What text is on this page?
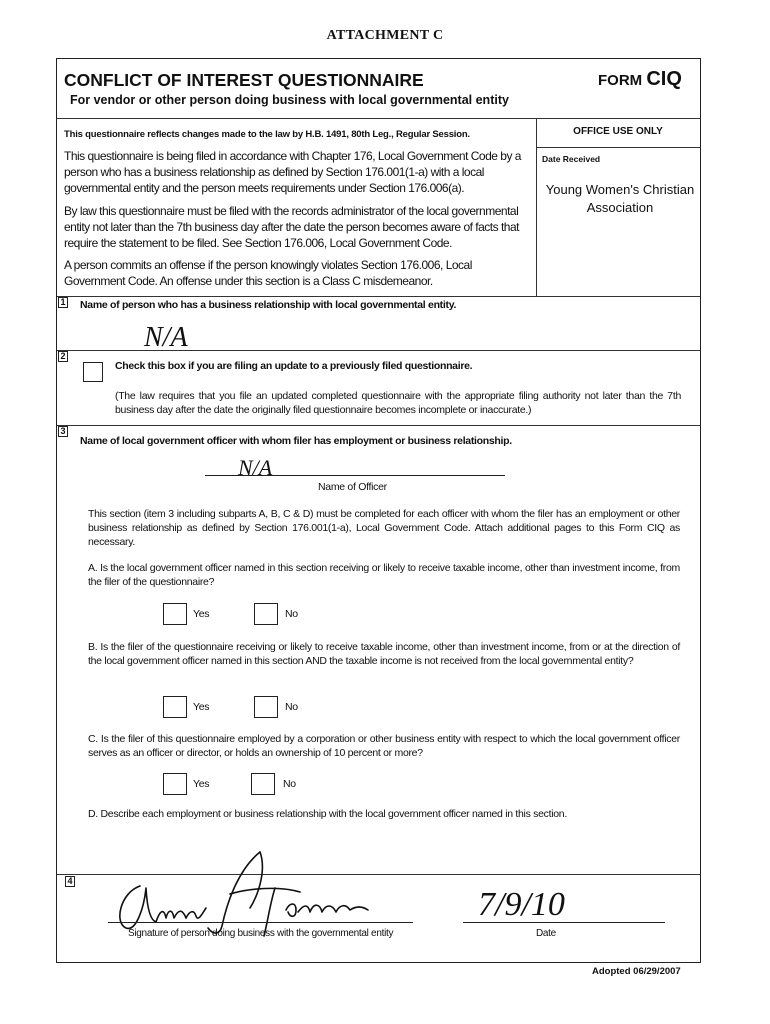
ATTACHMENT C
CONFLICT OF INTEREST QUESTIONNAIRE	FORM CIQ
For vendor or other person doing business with local governmental entity
This questionnaire reflects changes made to the law by H.B. 1491, 80th Leg., Regular Session.	OFFICE USE ONLY
Date Received
Young Women's Christian Association
This questionnaire is being filed in accordance with Chapter 176, Local Government Code by a person who has a business relationship as defined by Section 176.001(1-a) with a local governmental entity and the person meets requirements under Section 176.006(a).
By law this questionnaire must be filed with the records administrator of the local governmental entity not later than the 7th business day after the date the person becomes aware of facts that require the statement to be filed. See Section 176.006, Local Government Code.
A person commits an offense if the person knowingly violates Section 176.006, Local Government Code. An offense under this section is a Class C misdemeanor.
1 Name of person who has a business relationship with local governmental entity.
N/A
2
Check this box if you are filing an update to a previously filed questionnaire.
(The law requires that you file an updated completed questionnaire with the appropriate filing authority not later than the 7th business day after the date the originally filed questionnaire becomes incomplete or inaccurate.)
3
Name of local government officer with whom filer has employment or business relationship.
N/A
Name of Officer
This section (item 3 including subparts A, B, C & D) must be completed for each officer with whom the filer has an employment or other business relationship as defined by Section 176.001(1-a), Local Government Code. Attach additional pages to this Form CIQ as necessary.
A. Is the local government officer named in this section receiving or likely to receive taxable income, other than investment income, from the filer of the questionnaire?
Yes	No
B. Is the filer of the questionnaire receiving or likely to receive taxable income, other than investment income, from or at the direction of the local government officer named in this section AND the taxable income is not received from the local governmental entity?
Yes	No
C. Is the filer of this questionnaire employed by a corporation or other business entity with respect to which the local government officer serves as an officer or director, or holds an ownership of 10 percent or more?
Yes	No
D. Describe each employment or business relationship with the local government officer named in this section.
4
Signature of person doing business with the governmental entity
7/9/10
Date
Adopted 06/29/2007
